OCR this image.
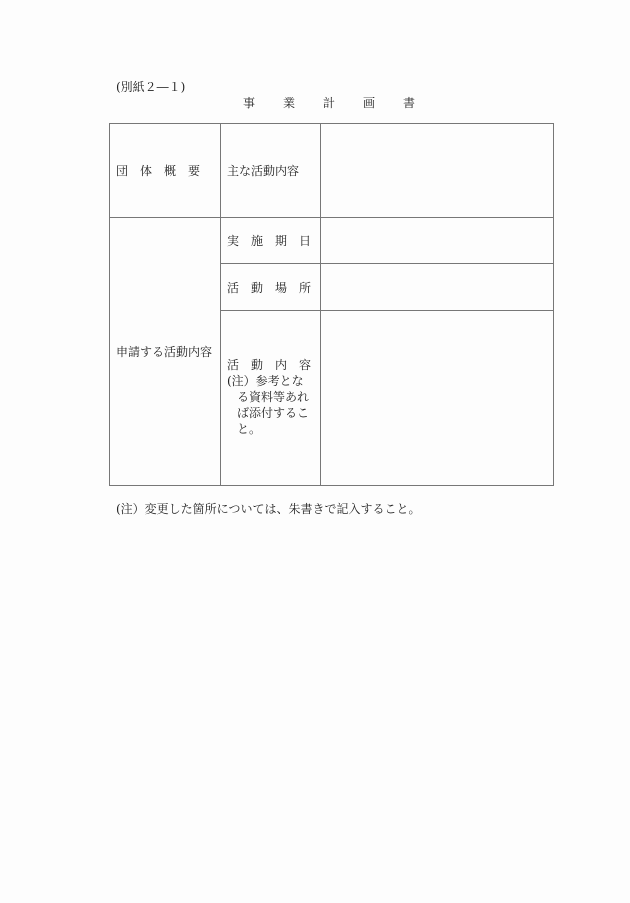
(別紙２―１)
事 業 計 画 書
団　体　概　要	主な活動内容	
申請する活動内容	実　施　期　日	
	活　動　場　所	

	活　動　内　容
(注）参考とな
る資料等あれ
ば添付するこ
と。	

(注）変更した箇所については、朱書きで記入すること。
